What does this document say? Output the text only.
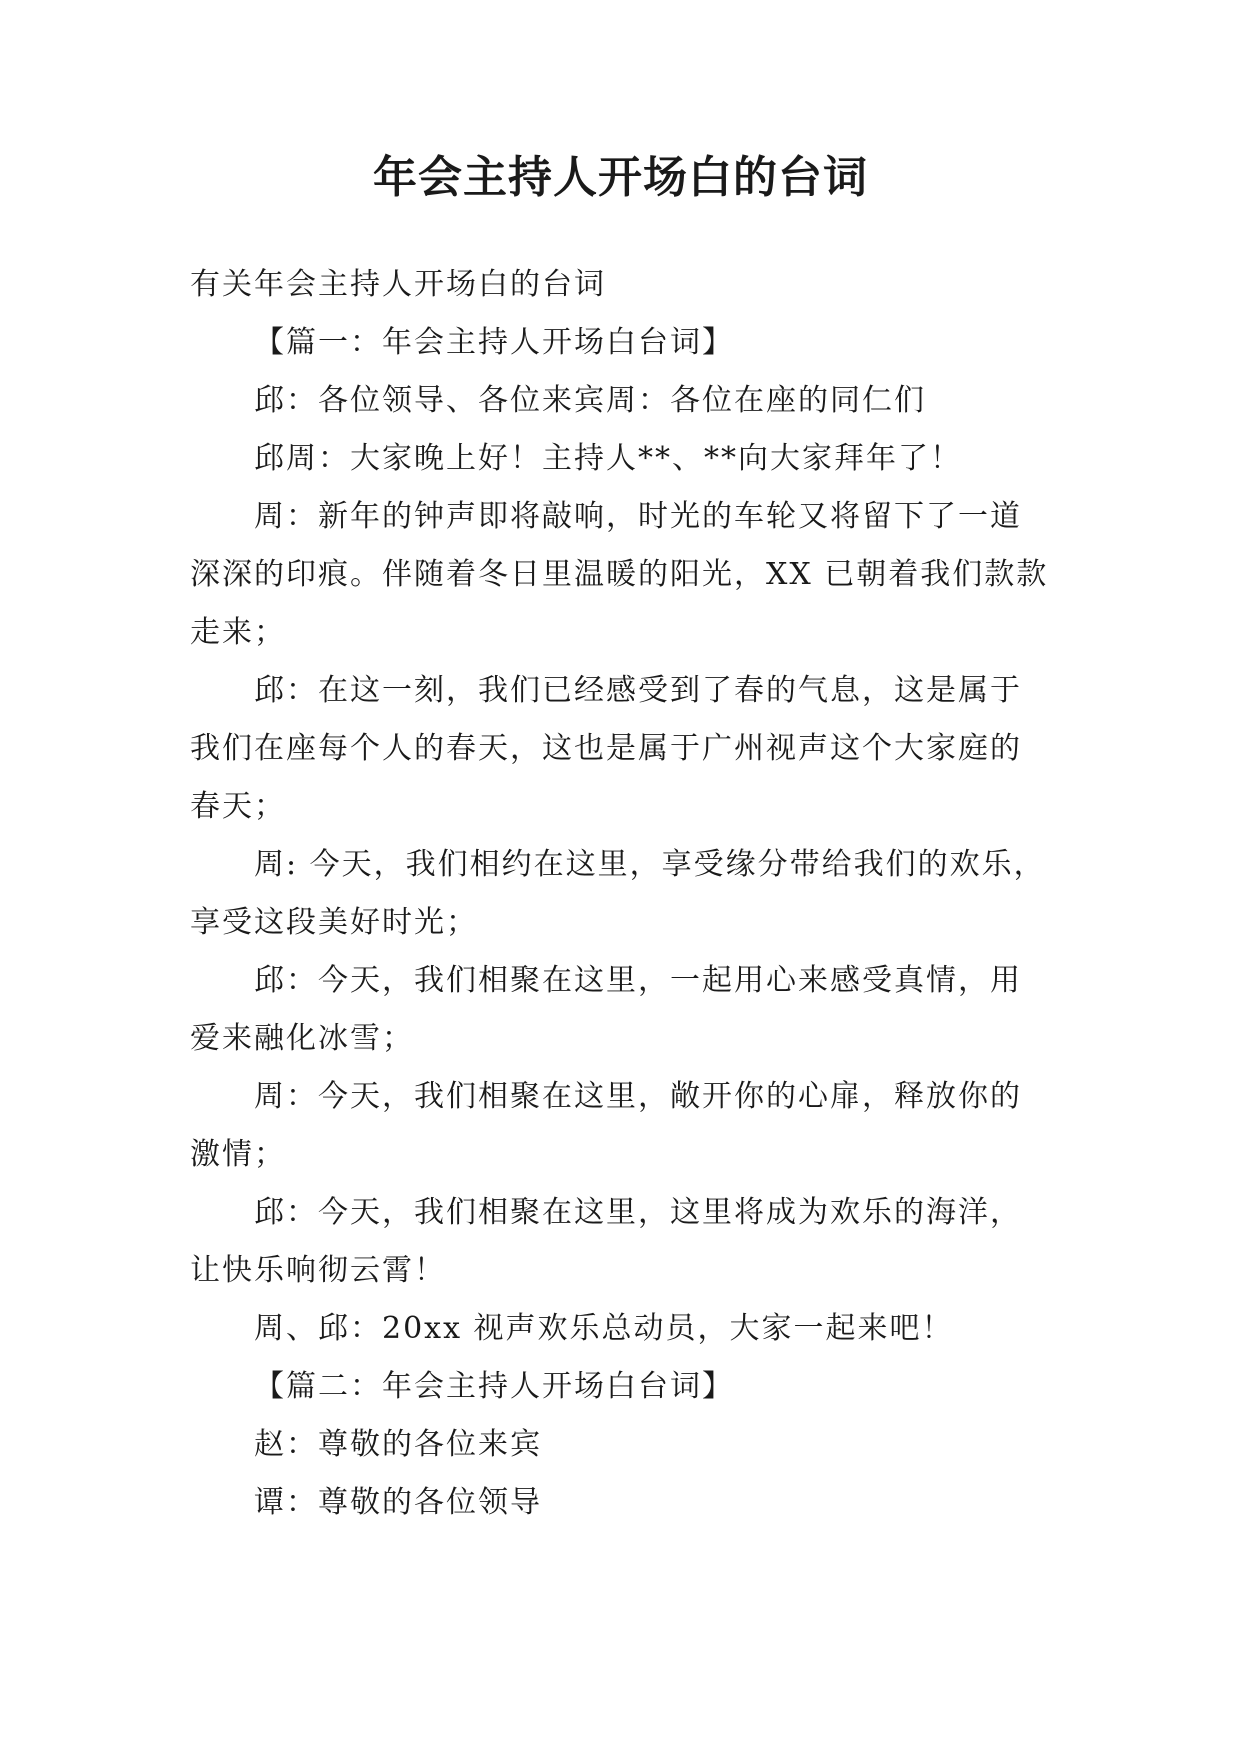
年会主持人开场白的台词
有关年会主持人开场白的台词
【篇一：年会主持人开场白台词】
邱：各位领导、各位来宾周：各位在座的同仁们
邱周：大家晚上好！主持人**、**向大家拜年了！
周：新年的钟声即将敲响，时光的车轮又将留下了一道
深深的印痕。伴随着冬日里温暖的阳光，XX 已朝着我们款款
走来；
邱：在这一刻，我们已经感受到了春的气息，这是属于
我们在座每个人的春天，这也是属于广州视声这个大家庭的
春天；
周: 今天，我们相约在这里，享受缘分带给我们的欢乐，
享受这段美好时光；
邱：今天，我们相聚在这里，一起用心来感受真情，用
爱来融化冰雪；
周：今天，我们相聚在这里，敞开你的心扉，释放你的
激情；
邱：今天，我们相聚在这里，这里将成为欢乐的海洋，
让快乐响彻云霄！
周、邱：20xx 视声欢乐总动员，大家一起来吧！
【篇二：年会主持人开场白台词】
赵：尊敬的各位来宾
谭：尊敬的各位领导
